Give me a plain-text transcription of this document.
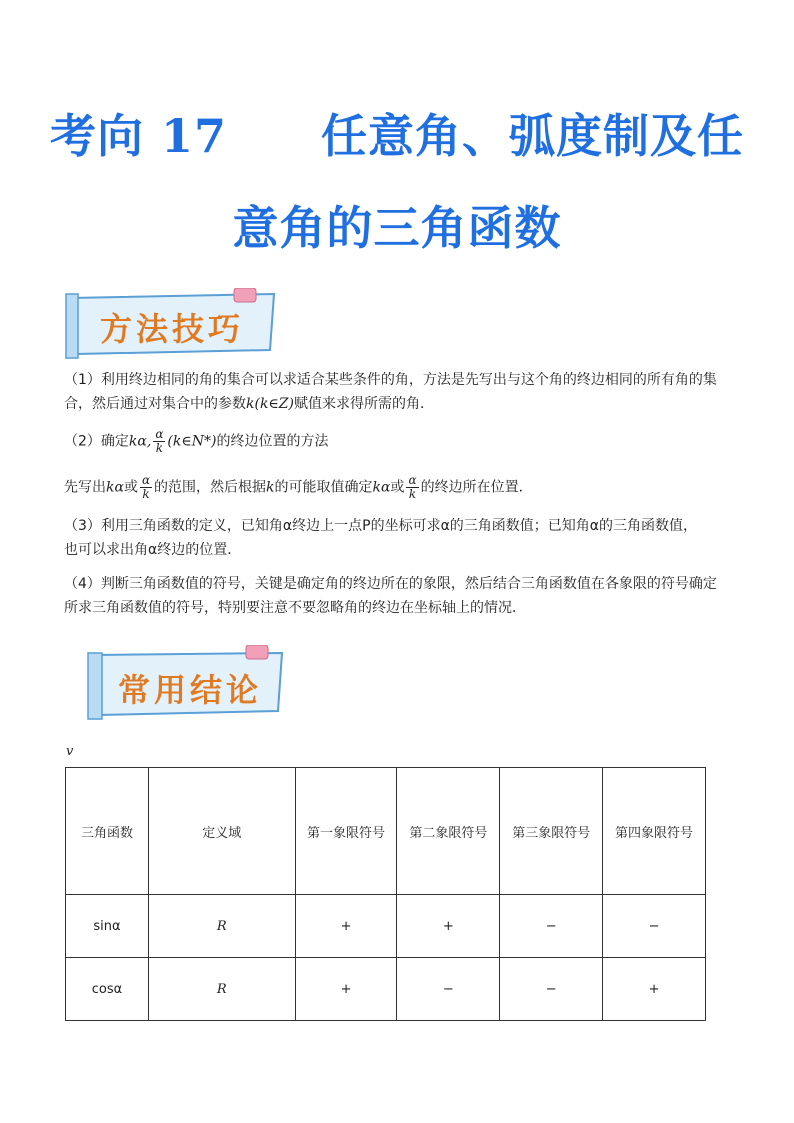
考向 17　　任意角、弧度制及任
意角的三角函数
方法技巧
（1）利用终边相同的角的集合可以求适合某些条件的角，方法是先写出与这个角的终边相同的所有角的集
合，然后通过对集合中的参数k(k∈Z)赋值来求得所需的角．
（2）确定kα, $\frac{\alpha}{k}$ (k∈N*)的终边位置的方法
先写出kα或 $\frac{\alpha}{k}$ 的范围，然后根据k的可能取值确定kα或 $\frac{\alpha}{k}$ 的终边所在位置．
（3）利用三角函数的定义，已知角α终边上一点P的坐标可求α的三角函数值；已知角α的三角函数值，
也可以求出角α终边的位置．
（4）判断三角函数值的符号，关键是确定角的终边所在的象限，然后结合三角函数值在各象限的符号确定
所求三角函数值的符号，特别要注意不要忽略角的终边在坐标轴上的情况．
常用结论
v
三角函数	定义域	第一象限符号	第二象限符号	第三象限符号	第四象限符号
sinα	R	+	+	−	−
cosα	R	+	−	−	+
